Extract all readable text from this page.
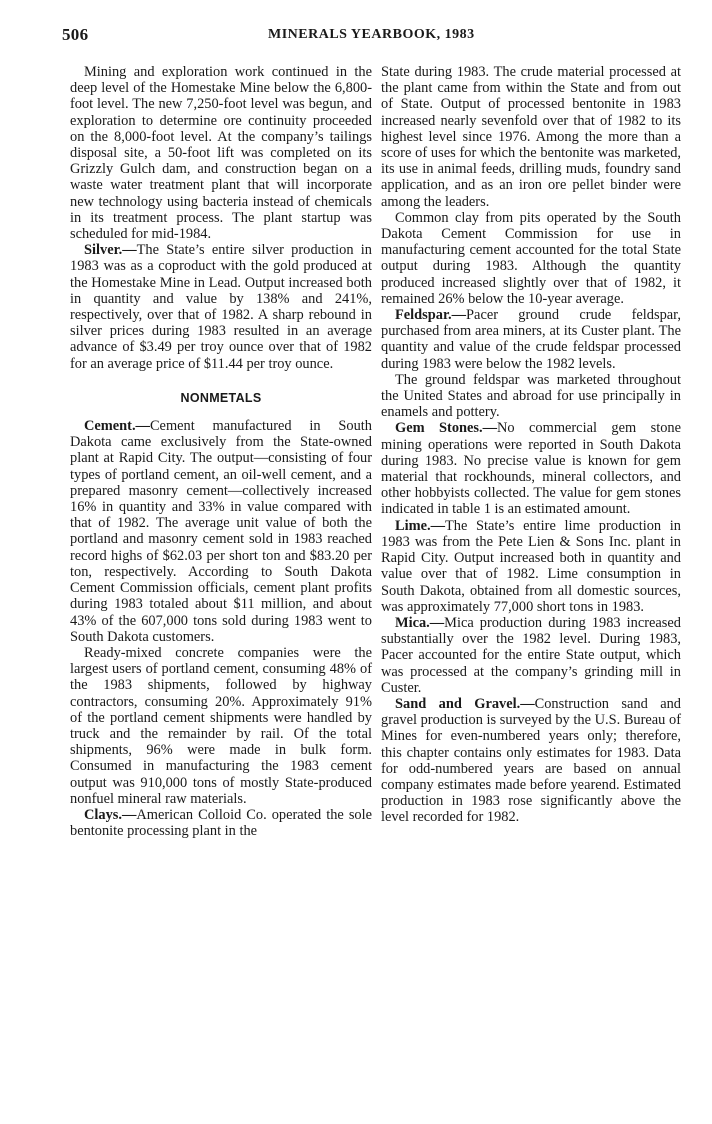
506	MINERALS YEARBOOK, 1983

Mining and exploration work continued in the deep level of the Homestake Mine below the 6,800-foot level. The new 7,250-foot level was begun, and exploration to determine ore continuity proceeded on the 8,000-foot level. At the company’s tailings disposal site, a 50-foot lift was completed on its Grizzly Gulch dam, and construction began on a waste water treatment plant that will incorporate new technology using bacteria instead of chemicals in its treatment process. The plant startup was scheduled for mid-1984.

Silver.—The State’s entire silver production in 1983 was as a coproduct with the gold produced at the Homestake Mine in Lead. Output increased both in quantity and value by 138% and 241%, respectively, over that of 1982. A sharp rebound in silver prices during 1983 resulted in an average advance of $3.49 per troy ounce over that of 1982 for an average price of $11.44 per troy ounce.

NONMETALS

Cement.—Cement manufactured in South Dakota came exclusively from the State-owned plant at Rapid City. The output—consisting of four types of portland cement, an oil-well cement, and a prepared masonry cement—collectively increased 16% in quantity and 33% in value compared with that of 1982. The average unit value of both the portland and masonry cement sold in 1983 reached record highs of $62.03 per short ton and $83.20 per ton, respectively. According to South Dakota Cement Commission officials, cement plant profits during 1983 totaled about $11 million, and about 43% of the 607,000 tons sold during 1983 went to South Dakota customers.

Ready-mixed concrete companies were the largest users of portland cement, consuming 48% of the 1983 shipments, followed by highway contractors, consuming 20%. Approximately 91% of the portland cement shipments were handled by truck and the remainder by rail. Of the total shipments, 96% were made in bulk form. Consumed in manufacturing the 1983 cement output was 910,000 tons of mostly State-produced nonfuel mineral raw materials.

Clays.—American Colloid Co. operated the sole bentonite processing plant in the

State during 1983. The crude material processed at the plant came from within the State and from out of State. Output of processed bentonite in 1983 increased nearly sevenfold over that of 1982 to its highest level since 1976. Among the more than a score of uses for which the bentonite was marketed, its use in animal feeds, drilling muds, foundry sand application, and as an iron ore pellet binder were among the leaders.

Common clay from pits operated by the South Dakota Cement Commission for use in manufacturing cement accounted for the total State output during 1983. Although the quantity produced increased slightly over that of 1982, it remained 26% below the 10-year average.

Feldspar.—Pacer ground crude feldspar, purchased from area miners, at its Custer plant. The quantity and value of the crude feldspar processed during 1983 were below the 1982 levels.

The ground feldspar was marketed throughout the United States and abroad for use principally in enamels and pottery.

Gem Stones.—No commercial gem stone mining operations were reported in South Dakota during 1983. No precise value is known for gem material that rockhounds, mineral collectors, and other hobbyists collected. The value for gem stones indicated in table 1 is an estimated amount.

Lime.—The State’s entire lime production in 1983 was from the Pete Lien & Sons Inc. plant in Rapid City. Output increased both in quantity and value over that of 1982. Lime consumption in South Dakota, obtained from all domestic sources, was approximately 77,000 short tons in 1983.

Mica.—Mica production during 1983 increased substantially over the 1982 level. During 1983, Pacer accounted for the entire State output, which was processed at the company’s grinding mill in Custer.

Sand and Gravel.—Construction sand and gravel production is surveyed by the U.S. Bureau of Mines for even-numbered years only; therefore, this chapter contains only estimates for 1983. Data for odd-numbered years are based on annual company estimates made before yearend. Estimated production in 1983 rose significantly above the level recorded for 1982.
